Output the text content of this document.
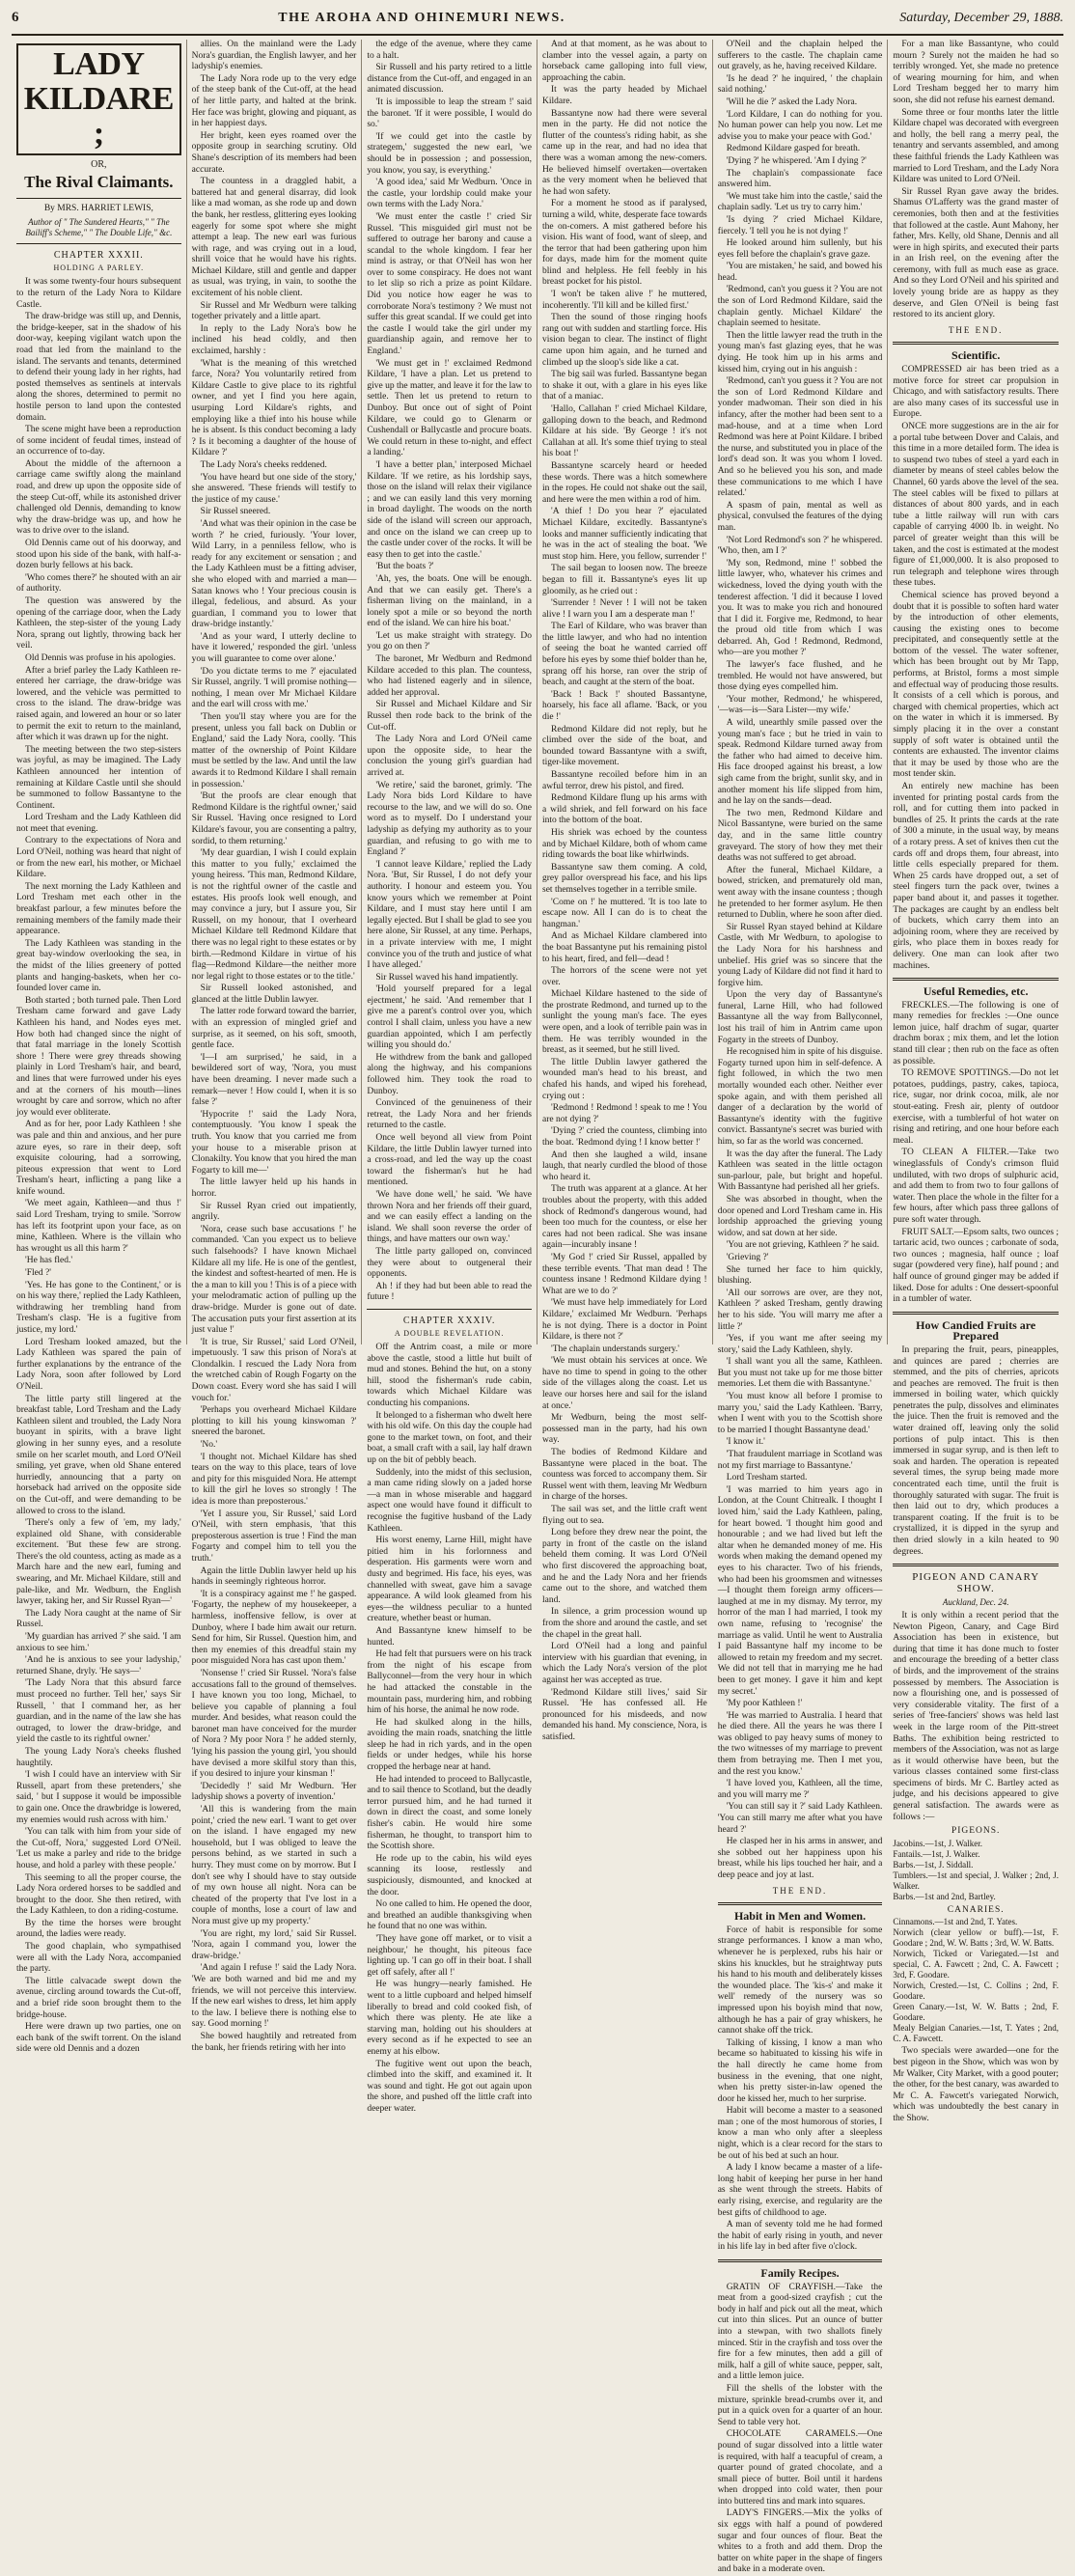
6	THE AROHA AND OHINEMURI NEWS.	Saturday, December 29, 1888.
LADY KILDARE ;
OR,
The Rival Claimants.
By MRS. HARRIET LEWIS,
Author of " The Sundered Hearts," " The Bailiff's Scheme," " The Double Life," &c.
CHAPTER XXXII.
HOLDING A PARLEY.

It was some twenty-four hours subsequent to the return of the Lady Nora to Kildare Castle.

The draw-bridge was still up, and Dennis, the bridge-keeper, sat in the shadow of his door-way, keeping vigilant watch upon the road that led from the mainland to the island. The servants and tenants, determined to defend their young lady in her rights, had posted themselves as sentinels at intervals along the shores, determined to permit no hostile person to land upon the contested domain.

The scene might have been a reproduction of some incident of feudal times, instead of an occurrence of to-day.

About the middle of the afternoon a carriage came swiftly along the mainland road, and drew up upon the opposite side of the steep Cut-off, while its astonished driver challenged old Dennis, demanding to know why the draw-bridge was up, and how he was to drive over to the island.

Old Dennis came out of his doorway, and stood upon his side of the bank, with half-a-dozen burly fellows at his back.

'Who comes there?' he shouted with an air of authority.

The question was answered by the opening of the carriage door, when the Lady Kathleen, the step-sister of the young Lady Nora, sprang out lightly, throwing back her veil.

Old Dennis was profuse in his apologies.

After a brief parley the Lady Kathleen re-entered her carriage, the draw-bridge was lowered, and the vehicle was permitted to cross to the island. The draw-bridge was raised again, and lowered an hour or so later to permit the exit to return to the mainland, after which it was drawn up for the night.

The meeting between the two step-sisters was joyful, as may be imagined. The Lady Kathleen announced her intention of remaining at Kildare Castle until she should be summoned to follow Bassantyne to the Continent.

Lord Tresham and the Lady Kathleen did not meet that evening.

Contrary to the expectations of Nora and Lord O'Neil, nothing was heard that night of or from the new earl, his mother, or Michael Kildare.

The next morning the Lady Kathleen and Lord Tresham met each other in the breakfast parlour, a few minutes before the remaining members of the family made their appearance.

The Lady Kathleen was standing in the great bay-window overlooking the sea, in the midst of the lilies greenery of potted plants and hanging-baskets, when her co-founded lover came in.

Both started ; both turned pale. Then Lord Tresham came forward and gave Lady Kathleen his hand, and Nodes eyes met. How both had changed since the night of that fatal marriage in the lonely Scottish shore ! There were grey threads showing plainly in Lord Tresham's hair, and beard, and lines that were furrowed under his eyes and at the corners of his mouth—lines wrought by care and sorrow, which no after joy would ever obliterate.

And as for her, poor Lady Kathleen ! she was pale and thin and anxious, and her pure azure eyes, so rare in their deep, soft exquisite colouring, had a sorrowing, piteous expression that went to Lord Tresham's heart, inflicting a pang like a knife wound.

'We meet again, Kathleen—and thus !' said Lord Tresham, trying to smile. 'Sorrow has left its footprint upon your face, as on mine, Kathleen. Where is the villain who has wrought us all this harm ?'

'He has fled.'

'Fled ?'

'Yes. He has gone to the Continent,' or is on his way there,' replied the Lady Kathleen, withdrawing her trembling hand from Tresham's clasp. 'He is a fugitive from justice, my lord.'

Lord Tresham looked amazed, but the Lady Kathleen was spared the pain of further explanations by the entrance of the Lady Nora, soon after followed by Lord O'Neil.

The little party still lingered at the breakfast table, Lord Tresham and the Lady Kathleen silent and troubled, the Lady Nora buoyant in spirits, with a brave light glowing in her sunny eyes, and a resolute smile on her scarlet mouth, and Lord O'Neil smiling, yet grave, when old Shane entered hurriedly, announcing that a party on horseback had arrived on the opposite side on the Cut-off, and were demanding to be allowed to cross to the island.

'There's only a few of 'em, my lady,' explained old Shane, with considerable excitement. 'But these few are strong. There's the old countess, acting as made as a March hare and the new earl, fuming and swearing, and Mr. Michael Kildare, still and pale-like, and Mr. Wedburn, the English lawyer, taking her, and Sir Russel Ryan—'

The Lady Nora caught at the name of Sir Russel.

'My guardian has arrived ?' she said. 'I am anxious to see him.'

'And he is anxious to see your ladyship,' returned Shane, dryly. 'He says—'

'The Lady Nora that this absurd farce must proceed no further. Tell her,' says Sir Russell, ' that I command her, as her guardian, and in the name of the law she has outraged, to lower the draw-bridge, and yield the castle to its rightful owner.'

The young Lady Nora's cheeks flushed haughtily.

'I wish I could have an interview with Sir Russell, apart from these pretenders,' she said, ' but I suppose it would be impossible to gain one. Once the drawbridge is lowered, my enemies would rush across with him.'

'You can talk with him from your side of the Cut-off, Nora,' suggested Lord O'Neil. 'Let us make a parley and ride to the bridge house, and hold a parley with these people.'

This seeming to all the proper course, the Lady Nora ordered horses to be saddled and brought to the door. She then retired, with the Lady Kathleen, to don a riding-costume.

By the time the horses were brought around, the ladies were ready.

The good chaplain, who sympathised were all with the Lady Nora, accompanied the party.

The little calvacade swept down the avenue, circling around towards the Cut-off, and a brief ride soon brought them to the bridge-house.

Here were drawn up two parties, one on each bank of the swift torrent. On the island side were old Dennis and a dozen

allies. On the mainland were the Lady Nora's guardian, the English lawyer, and her ladyship's enemies.

The Lady Nora rode up to the very edge of the steep bank of the Cut-off, at the head of her little party, and halted at the brink. Her face was bright, glowing and piquant, as in her happiest days.

Her bright, keen eyes roamed over the opposite group in searching scrutiny. Old Shane's description of its members had been accurate.

The countess in a draggled habit, a battered hat and general disarray, did look like a mad woman, as she rode up and down the bank, her restless, glittering eyes looking eagerly for some spot where she might attempt a leap. The new earl was furious with rage, and was crying out in a loud, shrill voice that he would have his rights. Michael Kildare, still and gentle and dapper as usual, was trying, in vain, to soothe the excitement of his noble client.

Sir Russel and Mr Wedburn were talking together privately and a little apart.

In reply to the Lady Nora's bow he inclined his head coldly, and then exclaimed, harshly :

'What is the meaning of this wretched farce, Nora? You voluntarily retired from Kildare Castle to give place to its rightful owner, and yet I find you here again, usurping Lord Kildare's rights, and employing like a thief into his house while he is absent. Is this conduct becoming a lady ? Is it becoming a daughter of the house of Kildare ?'

The Lady Nora's cheeks reddened.

'You have heard but one side of the story,' she answered. 'These friends will testify to the justice of my cause.'

Sir Russel sneered.

'And what was their opinion in the case be worth ?' he cried, furiously. 'Your lover, Wild Larry, in a penniless fellow, who is ready for any excitement or sensation ; and the Lady Kathleen must be a fitting adviser, she who eloped with and married a man—Satan knows who ! Your precious cousin is illegal, fedelious, and absurd. As your guardian, I command you to lower that draw-bridge instantly.'

'And as your ward, I utterly decline to have it lowered,' responded the girl. 'unless you will guarantee to come over alone.'

'Do you dictate terms to me ?' ejaculated Sir Russel, angrily. 'I will promise nothing—nothing, I mean over Mr Michael Kildare and the earl will cross with me.'

'Then you'll stay where you are for the present, unless you fall back on Dublin or England,' said the Lady Nora, coolly. 'This matter of the ownership of Point Kildare must be settled by the law. And until the law awards it to Redmond Kildare I shall remain in possession.'

'But the proofs are clear enough that Redmond Kildare is the rightful owner,' said Sir Russel. 'Having once resigned to Lord Kildare's favour, you are consenting a paltry, sordid, to them returning.'

'My dear guardian, I wish I could explain this matter to you fully,' exclaimed the young heiress. 'This man, Redmond Kildare, is not the rightful owner of the castle and estates. His proofs look well enough, and may convince a jury, but I assure you, Sir Russell, on my honour, that I overheard Michael Kildare tell Redmond Kildare that there was no legal right to these estates or by birth.—Redmond Kildare in virtue of his flag—Redmond Kildare—the neither more nor legal right to those estates or to the title.'

Sir Russell looked astonished, and glanced at the little Dublin lawyer.

The latter rode forward toward the barrier, with an expression of mingled grief and surprise, as it seemed, on his soft, smooth, gentle face.

'I—I am surprised,' he said, in a bewildered sort of way, 'Nora, you must have been dreaming. I never made such a remark—never ! How could I, when it is so false ?'

'Hypocrite !' said the Lady Nora, contemptuously. 'You know I speak the truth. You know that you carried me from your house to a miserable prison at Clonakilty. You know that you hired the man Fogarty to kill me—'

The little lawyer held up his hands in horror.

Sir Russel Ryan cried out impatiently, angrily.

'Nora, cease such base accusations !' he commanded. 'Can you expect us to believe such falsehoods? I have known Michael Kildare all my life. He is one of the gentlest, the kindest and softest-hearted of men. He is the a man to kill you ! This is of a piece with your melodramatic action of pulling up the draw-bridge. Murder is gone out of date. The accusation puts your first assertion at its just value !'

'It is true, Sir Russel,' said Lord O'Neil, impetuously. 'I saw this prison of Nora's at Clondalkin. I rescued the Lady Nora from the wretched cabin of Rough Fogarty on the Down coast. Every word she has said I will vouch for.'

'Perhaps you overheard Michael Kildare plotting to kill his young kinswoman ?' sneered the baronet.

'No.'

'I thought not. Michael Kildare has shed tears on the way to this place, tears of love and pity for this misguided Nora. He attempt to kill the girl he loves so strongly ! The idea is more than preposterous.'

'Yet I assure you, Sir Russel,' said Lord O'Neil, with stern emphasis, 'that this preposterous assertion is true ! Find the man Fogarty and compel him to tell you the truth.'

Again the little Dublin lawyer held up his hands in seemingly righteous horror.

'It is a conspiracy against me !' he gasped. 'Fogarty, the nephew of my housekeeper, a harmless, inoffensive fellow, is over at Dunboy, where I bade him await our return. Send for him, Sir Russel. Question him, and then my enemies of this dreadful stain my poor misguided Nora has cast upon them.'

'Nonsense !' cried Sir Russel. 'Nora's false accusations fall to the ground of themselves. I have known you too long, Michael, to believe you capable of planning a foul murder. And besides, what reason could the baronet man have conceived for the murder of Nora ? My poor Nora !' he added sternly, 'lying his passion the young girl, 'you should have devised a more skilful story than this, if you desired to injure your kinsman !'

'Decidedly !' said Mr Wedburn. 'Her ladyship shows a poverty of invention.'

'All this is wandering from the main point,' cried the new earl. 'I want to get over on the island. I have engaged my new household, but I was obliged to leave the persons behind, as we started in such a hurry. They must come on by morrow. But I don't see why I should have to stay outside of my own house all night. Nora can be cheated of the property that I've lost in a couple of months, lose a court of law and Nora must give up my property.'

'You are right, my lord,' said Sir Russel. 'Nora, again I command you, lower the draw-bridge.'

'And again I refuse !' said the Lady Nora. 'We are both warned and bid me and my friends, we will not perceive this interview. If the new earl wishes to dress, let him apply to the law. I believe there is nothing else to say. Good morning !'

She bowed haughtily and retreated from the bank, her friends retiring with her into

the edge of the avenue, where they came to a halt.

Sir Russell and his party retired to a little distance from the Cut-off, and engaged in an animated discussion.

'It is impossible to leap the stream !' said the baronet. 'If it were possible, I would do so.'

'If we could get into the castle by strategem,' suggested the new earl, 'we should be in possession ; and possession, you know, you say, is everything.'

'A good idea,' said Mr Wedburn. 'Once in the castle, your lordship could make your own terms with the Lady Nora.'

'We must enter the castle !' cried Sir Russel. 'This misguided girl must not be suffered to outrage her barony and cause a scandal to the whole kingdom. I fear her mind is astray, or that O'Neil has won her over to some conspiracy. He does not want to let slip so rich a prize as point Kildare. Did you notice how eager he was to corroborate Nora's testimony ? We must not suffer this great scandal. If we could get into the castle I would take the girl under my guardianship again, and remove her to England.'

'We must get in !' exclaimed Redmond Kildare, 'I have a plan. Let us pretend to give up the matter, and leave it for the law to settle. Then let us pretend to return to Dunboy. But once out of sight of Point Kildare, we could go to Glenarm or Cushendall or Ballycastle and procure boats. We could return in these to-night, and effect a landing.'

'I have a better plan,' interposed Michael Kildare. 'If we retire, as his lordship says, those on the island will relax their vigilance ; and we can easily land this very morning in broad daylight. The woods on the north side of the island will screen our approach, and once on the island we can creep up to the castle under cover of the rocks. It will be easy then to get into the castle.'

'But the boats ?'

'Ah, yes, the boats. One will be enough. And that we can easily get. There's a fisherman living on the mainland, in a lonely spot a mile or so beyond the north end of the island. We can hire his boat.'

'Let us make straight with strategy. Do you go on then ?'

The baronet, Mr Wedburn and Redmond Kildare acceded to this plan. The countess, who had listened eagerly and in silence, added her approval.

Sir Russel and Michael Kildare and Sir Russel then rode back to the brink of the Cut-off.

The Lady Nora and Lord O'Neil came upon the opposite side, to hear the conclusion the young girl's guardian had arrived at.

'We retire,' said the baronet, grimly. 'The Lady Nora bids Lord Kildare to have recourse to the law, and we will do so. One word as to myself. Do I understand your ladyship as defying my authority as to your guardian, and refusing to go with me to England ?'

'I cannot leave Kildare,' replied the Lady Nora. 'But, Sir Russel, I do not defy your authority. I honour and esteem you. You know yours which we remember at Point Kildare, and I must stay here until I am legally ejected. But I shall be glad to see you here alone, Sir Russel, at any time. Perhaps, in a private interview with me, I might convince you of the truth and justice of what I have alleged.'

Sir Russel waved his hand impatiently.

'Hold yourself prepared for a legal ejectment,' he said. 'And remember that I give me a parent's control over you, which control I shall claim, unless you have a new guardian appointed, which I am perfectly willing you should do.'

He withdrew from the bank and galloped along the highway, and his companions followed him. They took the road to Dunboy.

Convinced of the genuineness of their retreat, the Lady Nora and her friends returned to the castle.

Once well beyond all view from Point Kildare, the little Dublin lawyer turned into a cross-road, and led the way up the coast toward the fisherman's hut he had mentioned.

'We have done well,' he said. 'We have thrown Nora and her friends off their guard, and we can easily effect a landing on the island. We shall soon reverse the order of things, and have matters our own way.'

The little party galloped on, convinced they were about to outgeneral their opponents.

Ah ! if they had but been able to read the future !

CHAPTER XXXIV.
A DOUBLE REVELATION.

Off the Antrim coast, a mile or more above the castle, stood a little hut built of mud and stones. Behind the hut, on a stony hill, stood the fisherman's rude cabin, towards which Michael Kildare was conducting his companions.

It belonged to a fisherman who dwelt here with his old wife. On this day the couple had gone to the market town, on foot, and their boat, a small craft with a sail, lay half drawn up on the bit of pebbly beach.

Suddenly, into the midst of this seclusion, a man came riding slowly on a jaded horse—a man in whose miserable and haggard aspect one would have found it difficult to recognise the fugitive husband of the Lady Kathleen.

His worst enemy, Larne Hill, might have pitied him in his forlornness and desperation. His garments were worn and dusty and begrimed. His face, his eyes, was channelled with sweat, gave him a savage appearance. A wild look gleamed from his eyes—the wildness peculiar to a hunted creature, whether beast or human.

And Bassantyne knew himself to be hunted.

He had felt that pursuers were on his track from the night of his escape from Ballyconnel—from the very hour in which he had attacked the constable in the mountain pass, murdering him, and robbing him of his horse, the animal he now rode.

He had skulked along in the hills, avoiding the main roads, snatching the little sleep he had in rich yards, and in the open fields or under hedges, while his horse cropped the herbage near at hand.

He had intended to proceed to Ballycastle, and to sail thence to Scotland, but the deadly terror pursued him, and he had turned it down in direct the coast, and some lonely fisher's cabin. He would hire some fisherman, he thought, to transport him to the Scottish shore.

He rode up to the cabin, his wild eyes scanning its loose, restlessly and suspiciously, dismounted, and knocked at the door.

No one called to him. He opened the door, and breathed an audible thanksgiving when he found that no one was within.

'They have gone off market, or to visit a neighbour,' he thought, his piteous face lighting up. 'I can go off in their boat. I shall get off safely, after all !'

He was hungry—nearly famished. He went to a little cupboard and helped himself liberally to bread and cold cooked fish, of which there was plenty. He ate like a starving man, holding out his shoulders at every second as if he expected to see an enemy at his elbow.

The fugitive went out upon the beach, climbed into the skiff, and examined it. It was sound and tight. He got out again upon the shore, and pushed off the little craft into deeper water.

And at that moment, as he was about to clamber into the vessel again, a party on horseback came galloping into full view, approaching the cabin.

It was the party headed by Michael Kildare.

Bassantyne now had there were several men in the party. He did not notice the flutter of the countess's riding habit, as she came up in the rear, and had no idea that there was a woman among the new-comers. He believed himself overtaken—overtaken as the very moment when he believed that he had won safety.

For a moment he stood as if paralysed, turning a wild, white, desperate face towards the on-comers. A mist gathered before his vision. His want of food, want of sleep, and the terror that had been gathering upon him for days, made him for the moment quite blind and helpless. He fell feebly in his breast pocket for his pistol.

'I won't be taken alive !' he muttered, incoherently. 'I'll kill and be killed first.'

Then the sound of those ringing hoofs rang out with sudden and startling force. His vision began to clear. The instinct of flight came upon him again, and he turned and climbed up the sloop's side like a cat.

The big sail was furled. Bassantyne began to shake it out, with a glare in his eyes like that of a maniac.

'Hallo, Callahan !' cried Michael Kildare, galloping down to the beach, and Redmond Kildare at his side. 'By George ! it's not Callahan at all. It's some thief trying to steal his boat !'

Bassantyne scarcely heard or heeded these words. There was a hitch somewhere in the ropes. He could not shake out the sail, and here were the men within a rod of him.

'A thief ! Do you hear ?' ejaculated Michael Kildare, excitedly. Bassantyne's looks and manner sufficiently indicating that he was in the act of stealing the boat. 'We must stop him. Here, you fellow, surrender !'

The sail began to loosen now. The breeze began to fill it. Bassantyne's eyes lit up gloomily, as he cried out :

'Surrender ! Never ! I will not be taken alive ! I warn you I am a desperate man !'

The Earl of Kildare, who was braver than the little lawyer, and who had no intention of seeing the boat he wanted carried off before his eyes by some thief bolder than he, sprang off his horse, ran over the strip of beach, and caught at the stern of the boat.

'Back ! Back !' shouted Bassantyne, hoarsely, his face all aflame. 'Back, or you die !'

Redmond Kildare did not reply, but he climbed over the side of the boat, and bounded toward Bassantyne with a swift, tiger-like movement.

Bassantyne recoiled before him in an awful terror, drew his pistol, and fired.

Redmond Kildare flung up his arms with a wild shriek, and fell forward on his face into the bottom of the boat.

His shriek was echoed by the countess and by Michael Kildare, both of whom came riding towards the boat like whirlwinds.

Bassantyne saw them coming. A cold, grey pallor overspread his face, and his lips set themselves together in a terrible smile.

'Come on !' he muttered. 'It is too late to escape now. All I can do is to cheat the hangman.'

And as Michael Kildare clambered into the boat Bassantyne put his remaining pistol to his heart, fired, and fell—dead !

The horrors of the scene were not yet over.

Michael Kildare hastened to the side of the prostrate Redmond, and turned up to the sunlight the young man's face. The eyes were open, and a look of terrible pain was in them. He was terribly wounded in the breast, as it seemed, but he still lived.

The little Dublin lawyer gathered the wounded man's head to his breast, and chafed his hands, and wiped his forehead, crying out :

'Redmond ! Redmond ! speak to me ! You are not dying ?'

'Dying ?' cried the countess, climbing into the boat. 'Redmond dying ! I know better !'

And then she laughed a wild, insane laugh, that nearly curdled the blood of those who heard it.

The truth was apparent at a glance. At her troubles about the property, with this added shock of Redmond's dangerous wound, had been too much for the countess, or else her cares had not been radical. She was insane again—incurably insane !

'My God !' cried Sir Russel, appalled by these terrible events. 'That man dead ! The countess insane ! Redmond Kildare dying ! What are we to do ?'

'We must have help immediately for Lord Kildare,' exclaimed Mr Wedburn. 'Perhaps he is not dying. There is a doctor in Point Kildare, is there not ?'

'The chaplain understands surgery.'

'We must obtain his services at once. We have no time to spend in going to the other side of the villages along the coast. Let us leave our horses here and sail for the island at once.'

Mr Wedburn, being the most self-possessed man in the party, had his own way.

The bodies of Redmond Kildare and Bassantyne were placed in the boat. The countess was forced to accompany them. Sir Russel went with them, leaving Mr Wedburn in charge of the horses.

The sail was set, and the little craft went flying out to sea.

Long before they drew near the point, the party in front of the castle on the island beheld them coming. It was Lord O'Neil who first discovered the approaching boat, and he and the Lady Nora and her friends came out to the shore, and watched them land.

In silence, a grim procession wound up from the shore and around the castle, and set the chapel in the great hall.

Lord O'Neil had a long and painful interview with his guardian that evening, in which the Lady Nora's version of the plot against her was accepted as true.

'Redmond Kildare still lives,' said Sir Russel. 'He has confessed all. He pronounced for his misdeeds, and now demanded his hand. My conscience, Nora, is satisfied.

O'Neil and the chaplain helped the sufferers to the castle. The chaplain came out gravely, as he, having received Kildare.

'Is he dead ?' he inquired, ' the chaplain said nothing.'

'Will he die ?' asked the Lady Nora.

'Lord Kildare, I can do nothing for you. No human power can help you now. Let me advise you to make your peace with God.'

Redmond Kildare gasped for breath.

'Dying ?' he whispered. 'Am I dying ?'

The chaplain's compassionate face answered him.

'We must take him into the castle,' said the chaplain sadly. 'Let us try to carry him.'

'Is dying ?' cried Michael Kildare, fiercely. 'I tell you he is not dying !'

He looked around him sullenly, but his eyes fell before the chaplain's grave gaze.

'You are mistaken,' he said, and bowed his head.

'Redmond, can't you guess it ? You are not the son of Lord Redmond Kildare, said the chaplain gently. Michael Kildare' the chaplain seemed to hesitate.

Then the little lawyer read the truth in the young man's fast glazing eyes, that he was dying. He took him up in his arms and kissed him, crying out in his anguish :

'Redmond, can't you guess it ? You are not the son of Lord Redmond Kildare and yonder madwoman. Their son died in his infancy, after the mother had been sent to a mad-house, and at a time when Lord Redmond was here at Point Kildare. I bribed the nurse, and substituted you in place of the lord's dead son. It was you whom I loved. And so he believed you his son, and made these communications to me which I have related.'

A spasm of pain, mental as well as physical, convulsed the features of the dying man.

'Not Lord Redmond's son ?' he whispered. 'Who, then, am I ?'

'My son, Redmond, mine !' sobbed the little lawyer, who, whatever his crimes and wickedness, loved the dying youth with the tenderest affection. 'I did it because I loved you. It was to make you rich and honoured that I did it. Forgive me, Redmond, to hear the proud old title from which I was debarred. Ah, God ! Redmond, Redmond, who—are you mother ?'

The lawyer's face flushed, and he trembled. He would not have answered, but those dying eyes compelled him.

'Your mother, Redmond,' he whispered, '—was—is—Sara Lister—my wife.'

A wild, unearthly smile passed over the young man's face ; but he tried in vain to speak. Redmond Kildare turned away from the father who had aimed to deceive him. His face drooped against his breast, a low sigh came from the bright, sunlit sky, and in another moment his life slipped from him, and he lay on the sands—dead.

The two men, Redmond Kildare and Nicol Bassantyne, were buried on the same day, and in the same little country graveyard. The story of how they met their deaths was not suffered to get abroad.

After the funeral, Michael Kildare, a bowed, stricken, and prematurely old man, went away with the insane countess ; though he pretended to her former asylum. He then returned to Dublin, where he soon after died.

Sir Russel Ryan stayed behind at Kildare Castle, with Mr Wedburn, to apologise to the Lady Nora for his harshness and unbelief. His grief was so sincere that the young Lady of Kildare did not find it hard to forgive him.

Upon the very day of Bassantyne's funeral, Larne Hill, who had followed Bassantyne all the way from Ballyconnel, lost his trail of him in Antrim came upon Fogarty in the streets of Dunboy.

He recognised him in spite of his disguise. Fogarty turned upon him in self-defence. A fight followed, in which the two men mortally wounded each other. Neither ever spoke again, and with them perished all danger of a declaration by the world of Bassantyne's identity with the fugitive convict. Bassantyne's secret was buried with him, so far as the world was concerned.

It was the day after the funeral. The Lady Kathleen was seated in the little octagon sun-parlour, pale, but bright and hopeful. With Bassantyne had perished all her griefs.

She was absorbed in thought, when the door opened and Lord Tresham came in. His lordship approached the grieving young widow, and sat down at her side.

'You are not grieving, Kathleen ?' he said.

'Grieving ?'

She turned her face to him quickly, blushing.

'All our sorrows are over, are they not, Kathleen ?' asked Tresham, gently drawing her to his side. 'You will marry me after a little ?'

'Yes, if you want me after seeing my story,' said the Lady Kathleen, shyly.

'I shall want you all the same, Kathleen. But you must not take up for me those bitter memories. Let them die with Bassantyne.'

'You must know all before I promise to marry you,' said the Lady Kathleen. 'Barry, when I went with you to the Scottish shore to be married I thought Bassantyne dead.'

'I know it.'

'That fraudulent marriage in Scotland was not my first marriage to Bassantyne.'

Lord Tresham started.

'I was married to him years ago in London, at the Count Chitrealk. I thought I loved him,' said the Lady Kathleen, paling, for heart bowed. 'I thought him good and honourable ; and we had lived but left the altar when he demanded money of me. His words when making the demand opened my eyes to his character. Two of his friends, who had been his groomsmen and witnesses—I thought them foreign army officers—laughed at me in my dismay. My terror, my horror of the man I had married, I took my own name, refusing to 'recognise' the marriage as valid. Until he went to Australia I paid Bassantyne half my income to be allowed to retain my freedom and my secret. We did not tell that in marrying me he had been to get money. I gave it him and kept my secret.'

'My poor Kathleen !'

'He was married to Australia. I heard that he died there. All the years he was there I was obliged to pay heavy sums of money to the two witnesses of my marriage to prevent them from betraying me. Then I met you, and the rest you know.'

'I have loved you, Kathleen, all the time, and you will marry me ?'

'You can still say it ?' said Lady Kathleen. 'You can still marry me after what you have heard ?'

He clasped her in his arms in answer, and she sobbed out her happiness upon his breast, while his lips touched her hair, and a deep peace and joy at last.

THE END.
Habit in Men and Women.

Force of habit is responsible for some strange performances. I know a man who, whenever he is perplexed, rubs his hair or skins his knuckles, but he straightway puts his hand to his mouth and deliberately kisses the wounded place. The 'kis-s' and make it well' remedy of the nursery was so impressed upon his boyish mind that now, although he has a pair of gray whiskers, he cannot shake off the trick.

Talking of kissing, I know a man who became so habituated to kissing his wife in the hall directly he came home from business in the evening, that one night, when his pretty sister-in-law opened the door he kissed her, much to her surprise.

Habit will become a master to a seasoned man ; one of the most humorous of stories, I know a man who only after a sleepless night, which is a clear record for the stars to be out of his bed at such an hour.

A lady I know became a master of a life-long habit of keeping her purse in her hand as she went through the streets. Habits of early rising, exercise, and regularity are the best gifts of childhood to age.

A man of seventy told me he had formed the habit of early rising in youth, and never in his life lay in bed after five o'clock.

Family Recipes.

GRATIN OF CRAYFISH.—Take the meat from a good-sized crayfish ; cut the body in half and pick out all the meat, which cut into thin slices. Put an ounce of butter into a stewpan, with two shallots finely minced. Stir in the crayfish and toss over the fire for a few minutes, then add a gill of milk, half a gill of white sauce, pepper, salt, and a little lemon juice.

Fill the shells of the lobster with the mixture, sprinkle bread-crumbs over it, and put in a quick oven for a quarter of an hour. Send to table very hot.

CHOCOLATE CARAMELS.—One pound of sugar dissolved into a little water is required, with half a teacupful of cream, a quarter pound of grated chocolate, and a small piece of butter. Boil until it hardens when dropped into cold water, then pour into buttered tins and mark into squares.

LADY'S FINGERS.—Mix the yolks of six eggs with half a pound of powdered sugar and four ounces of flour. Beat the whites to a froth and add them. Drop the batter on white paper in the shape of fingers and bake in a moderate oven.

For a man like Bassantyne, who could mourn ? Surely not the maiden he had so terribly wronged. Yet, she made no pretence of wearing mourning for him, and when Lord Tresham begged her to marry him soon, she did not refuse his earnest demand.

Some three or four months later the little Kildare chapel was decorated with evergreen and holly, the bell rang a merry peal, the tenantry and servants assembled, and among these faithful friends the Lady Kathleen was married to Lord Tresham, and the Lady Nora Kildare was united to Lord O'Neil.

Sir Russel Ryan gave away the brides. Shamus O'Lafferty was the grand master of ceremonies, both then and at the festivities that followed at the castle. Aunt Mahony, her father, Mrs. Kelly, old Shane, Dennis and all were in high spirits, and executed their parts in an Irish reel, on the evening after the ceremony, with full as much ease as grace. And so they Lord O'Neil and his spirited and lovely young bride are as happy as they deserve, and Glen O'Neil is being fast restored to its ancient glory.

THE END.
Scientific.

COMPRESSED air has been tried as a motive force for street car propulsion in Chicago, and with satisfactory results. There are also many cases of its successful use in Europe.

ONCE more suggestions are in the air for a portal tube between Dover and Calais, and this time in a more detailed form. The idea is to suspend two tubes of steel a yard each in diameter by means of steel cables below the Channel, 60 yards above the level of the sea. The steel cables will be fixed to pillars at distances of about 800 yards, and in each tube a little railway will run with cars capable of carrying 4000 lb. in weight. No parcel of greater weight than this will be taken, and the cost is estimated at the modest figure of £1,000,000. It is also proposed to run telegraph and telephone wires through these tubes.

Chemical science has proved beyond a doubt that it is possible to soften hard water by the introduction of other elements, causing the existing ones to become precipitated, and consequently settle at the bottom of the vessel. The water softener, which has been brought out by Mr Tapp, performs, at Bristol, forms a most simple and effectual way of producing those results. It consists of a cell which is porous, and charged with chemical properties, which act on the water in which it is immersed. By simply placing it in the over a constant supply of soft water is obtained until the contents are exhausted. The inventor claims that it may be used by those who are the most tender skin.

An entirely new machine has been invented for printing postal cards from the roll, and for cutting them into packed in bundles of 25. It prints the cards at the rate of 300 a minute, in the usual way, by means of a rotary press. A set of knives then cut the cards off and drops them, four abreast, into little cells especially prepared for them. When 25 cards have dropped out, a set of steel fingers turn the pack over, twines a paper band about it, and passes it together. The packages are caught by an endless belt of buckets, which carry them into an adjoining room, where they are received by girls, who place them in boxes ready for delivery. One man can look after two machines.

Useful Remedies, etc.

FRECKLES.—The following is one of many remedies for freckles :—One ounce lemon juice, half drachm of sugar, quarter drachm borax ; mix them, and let the lotion stand till clear ; then rub on the face as often as possible.

TO REMOVE SPOTTINGS.—Do not let potatoes, puddings, pastry, cakes, tapioca, rice, sugar, nor drink cocoa, milk, ale nor stout-eating. Fresh air, plenty of outdoor exercise, with a tumblerful of hot water on rising and retiring, and one hour before each meal.

TO CLEAN A FILTER.—Take two wineglassfuls of Condy's crimson fluid undiluted, with two drops of sulphuric acid, and add them to from two to four gallons of water. Then place the whole in the filter for a few hours, after which pass three gallons of pure soft water through.

FRUIT SALT.—Epsom salts, two ounces ; tartaric acid, two ounces ; carbonate of soda, two ounces ; magnesia, half ounce ; loaf sugar (powdered very fine), half pound ; and half ounce of ground ginger may be added if liked. Dose for adults : One dessert-spoonful in a tumbler of water.

How Candied Fruits are Prepared

In preparing the fruit, pears, pineapples, and quinces are pared ; cherries are stemmed, and the pits of cherries, apricots and peaches are removed. The fruit is then immersed in boiling water, which quickly penetrates the pulp, dissolves and eliminates the juice. Then the fruit is removed and the water drained off, leaving only the solid portions of pulp intact. This is then immersed in sugar syrup, and is then left to soak and harden. The operation is repeated several times, the syrup being made more concentrated each time, until the fruit is thoroughly saturated with sugar. The fruit is then laid out to dry, which produces a transparent coating. If the fruit is to be crystallized, it is dipped in the syrup and then dried slowly in a kiln heated to 90 degrees.

PIGEON AND CANARY SHOW.
Auckland, Dec. 24.

It is only within a recent period that the Newton Pigeon, Canary, and Cage Bird Association has been in existence, but during that time it has done much to foster and encourage the breeding of a better class of birds, and the improvement of the strains possessed by members. The Association is now a flourishing one, and is possessed of very considerable vitality. The first of a series of 'free-fanciers' shows was held last week in the large room of the Pitt-street Baths. The exhibition being restricted to members of the Association, was not as large as it would otherwise have been, but the various classes contained some first-class specimens of birds. Mr C. Bartley acted as judge, and his decisions appeared to give general satisfaction. The awards were as follows :—

PIGEONS.
Jacobins.—1st, J. Walker.
Fantails.—1st, J. Walker.
Barbs.—1st, J. Siddall.
Tumblers.—1st and special, J. Walker ; 2nd, J. Walker.
Barbs.—1st and 2nd, Bartley.
CANARIES.
Cinnamons.—1st and 2nd, T. Yates.
Norwich (clear yellow or buff).—1st, F. Goodare ; 2nd, W. W. Batts ; 3rd, W. W. Batts.
Norwich, Ticked or Variegated.—1st and special, C. A. Fawcett ; 2nd, C. A. Fawcett ; 3rd, F. Goodare.
Norwich, Crested.—1st, C. Collins ; 2nd, F. Goodare.
Green Canary.—1st, W. W. Batts ; 2nd, F. Goodare.
Mealy Belgian Canaries.—1st, T. Yates ; 2nd, C. A. Fawcett.

Two specials were awarded—one for the best pigeon in the Show, which was won by Mr Walker, City Market, with a good pouter; the other, for the best canary, was awarded to Mr C. A. Fawcett's variegated Norwich, which was undoubtedly the best canary in the Show.
